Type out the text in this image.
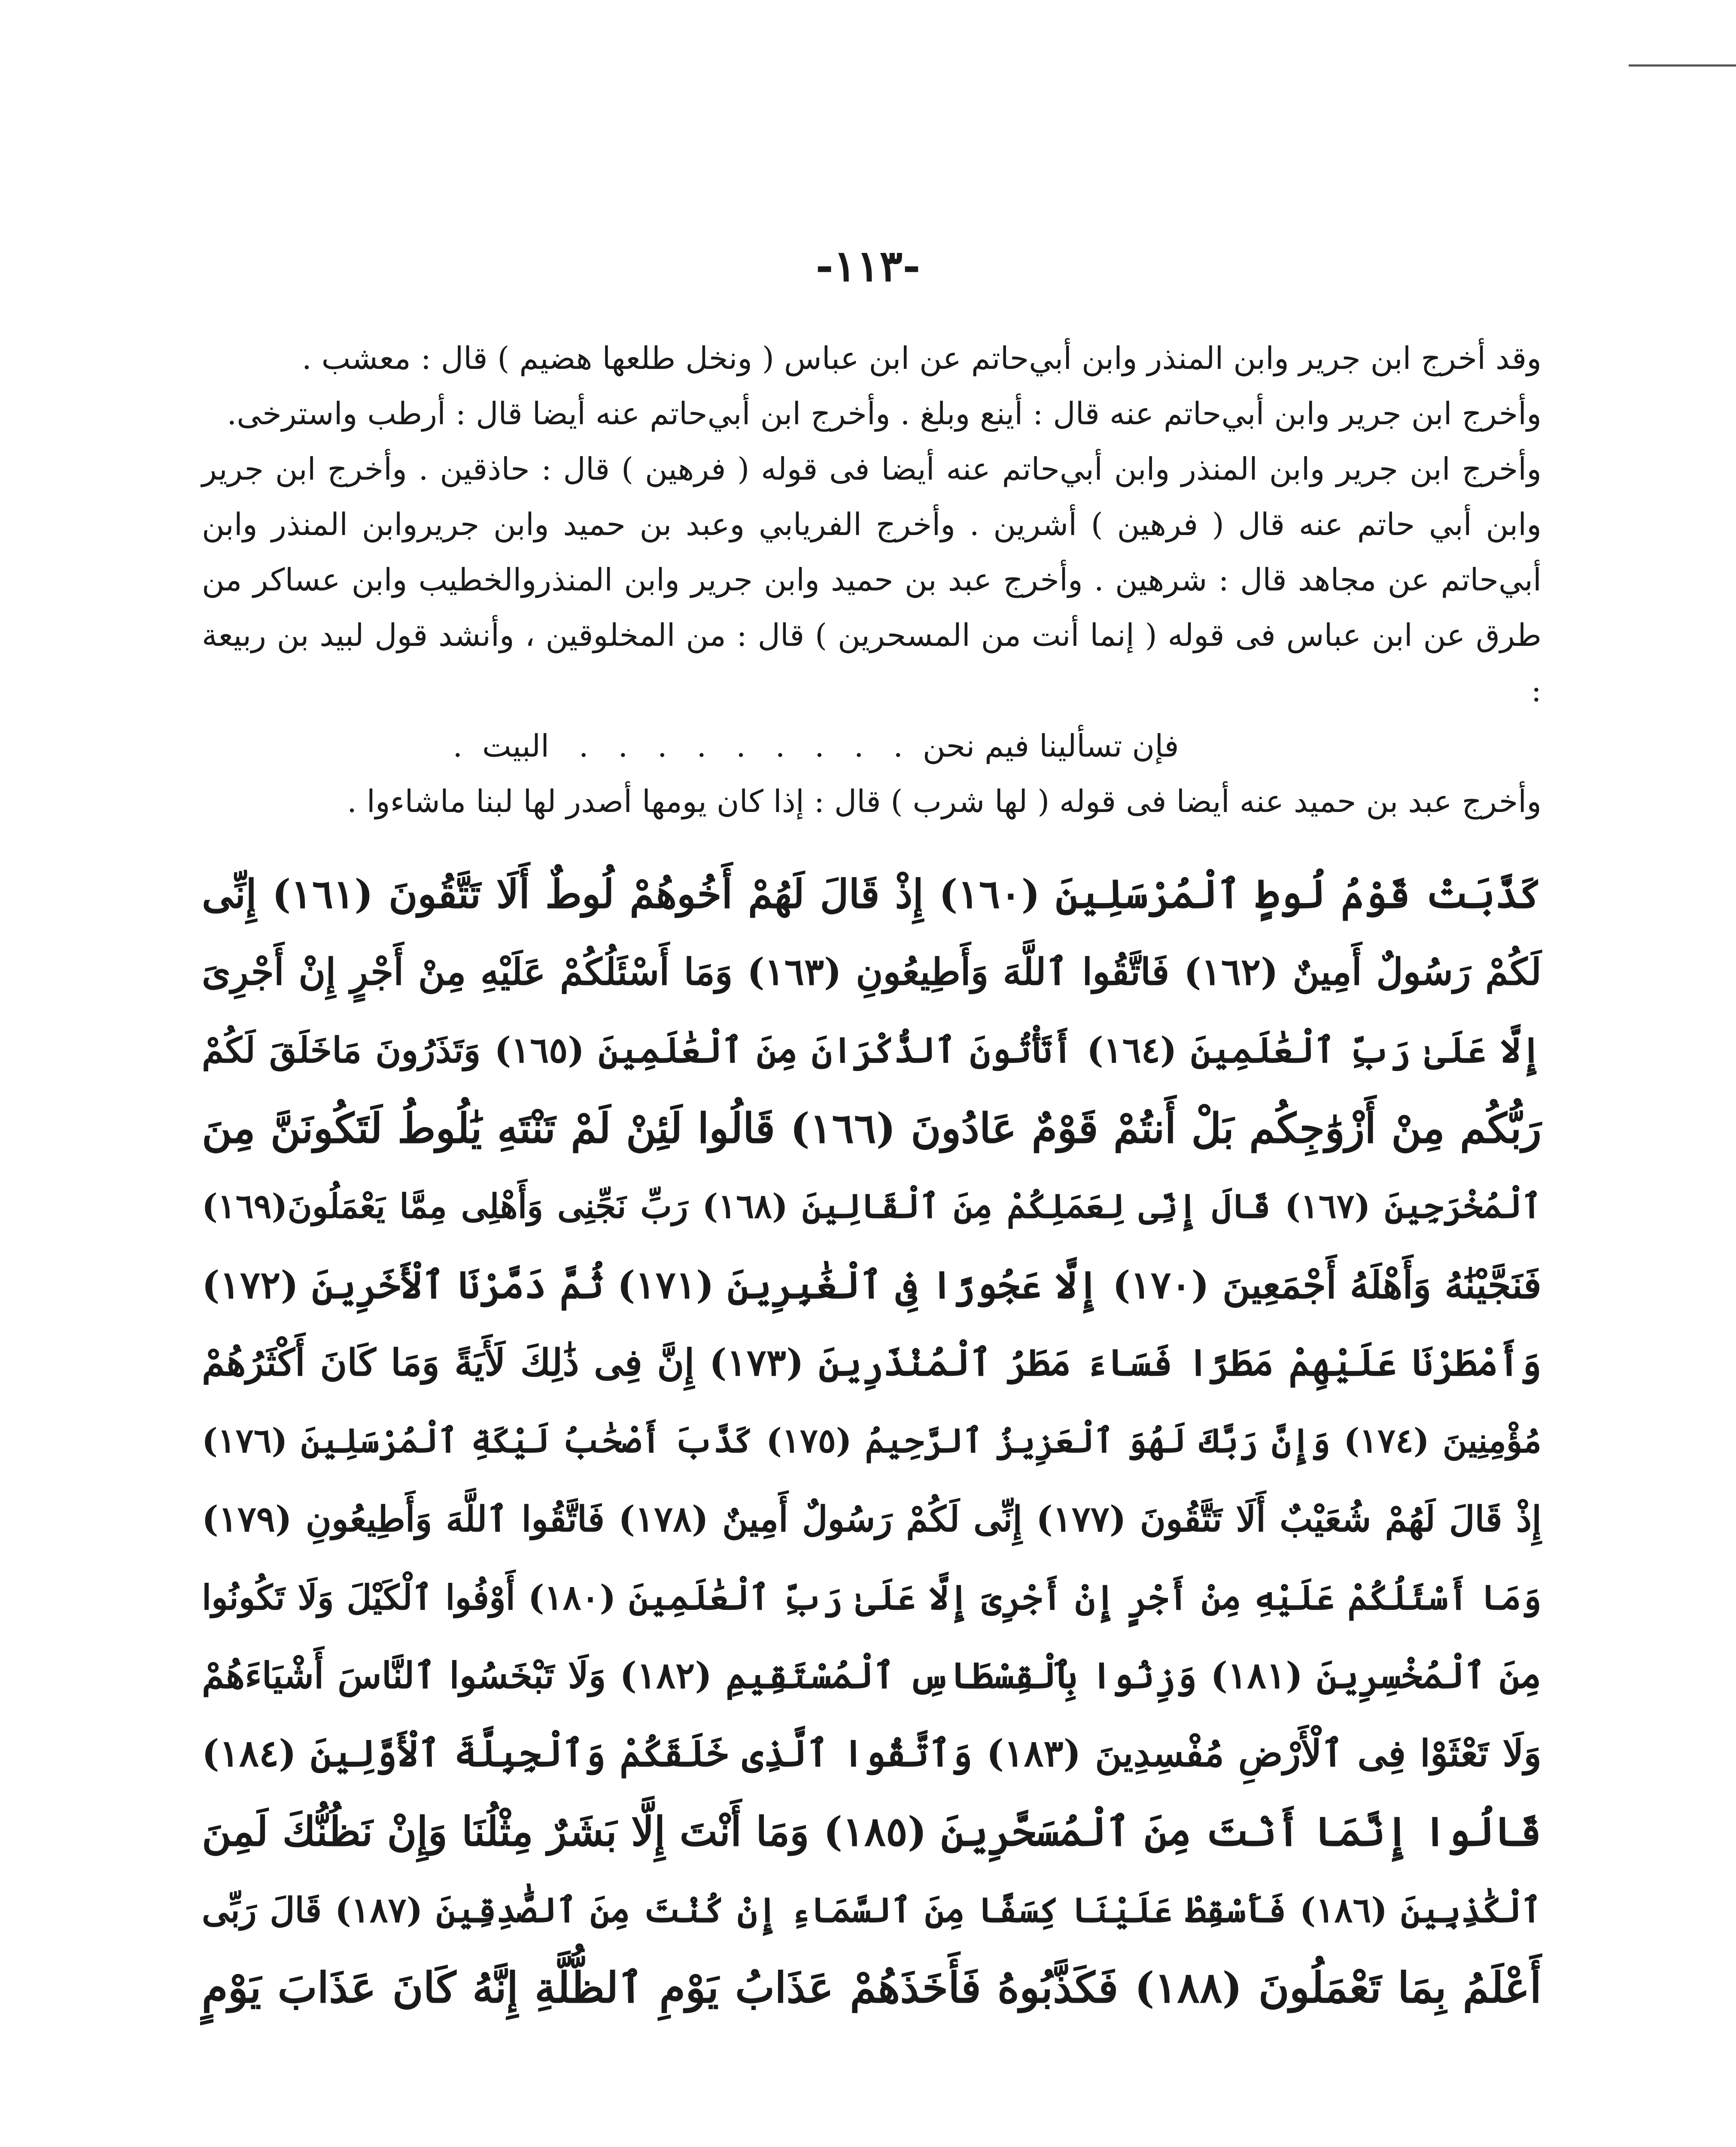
-١١٣-

وقد أخرج ابن جرير وابن المنذر وابن أبي‌حاتم عن ابن عباس ( ونخل طلعها هضيم ) قال : معشب .

وأخرج ابن جرير وابن أبي‌حاتم عنه قال : أينع وبلغ . وأخرج ابن أبي‌حاتم عنه أيضا قال : أرطب واسترخى.

وأخرج ابن جرير وابن المنذر وابن أبي‌حاتم عنه أيضا فى قوله ( فرهين ) قال : حاذقين . وأخرج ابن جرير وابن أبي حاتم عنه قال ( فرهين ) أشرين . وأخرج الفريابي وعبد بن حميد وابن جريروابن المنذر وابن أبي‌حاتم عن مجاهد قال : شرهين . وأخرج عبد بن حميد وابن جرير وابن المنذروالخطيب وابن عساكر من طرق عن ابن عباس فى قوله ( إنما أنت من المسحرين ) قال : من المخلوقين ، وأنشد قول لبيد بن ربيعة :

فإن تسألينا فيم نحن  .   .   .   .   .   .   .   .   .   البيت  .

وأخرج عبد بن حميد عنه أيضا فى قوله ( لها شرب ) قال : إذا كان يومها أصدر لها لبنا ماشاءوا .

كَذَّبَتْ قَوْمُ لُوطٍ ٱلْمُرْسَلِينَ (١٦٠) إِذْ قَالَ لَهُمْ أَخُوهُمْ لُوطٌ أَلَا تَتَّقُونَ (١٦١) إِنِّى

لَكُمْ رَسُولٌ أَمِينٌ (١٦٢) فَاتَّقُوا ٱللَّهَ وَأَطِيعُونِ (١٦٣) وَمَا أَسْئَلُكُمْ عَلَيْهِ مِنْ أَجْرٍ إِنْ أَجْرِىَ

إِلَّا عَلَىٰ رَبِّ ٱلْعَٰلَمِينَ (١٦٤) أَتَأْتُونَ ٱلذُّكْرَانَ مِنَ ٱلْعَٰلَمِينَ (١٦٥) وَتَذَرُونَ مَاخَلَقَ لَكُمْ

رَبُّكُم مِنْ أَزْوَٰجِكُم بَلْ أَنتُمْ قَوْمٌ عَادُونَ (١٦٦) قَالُوا لَئِنْ لَمْ تَنْتَهِ يَٰلُوطُ لَتَكُونَنَّ مِنَ

ٱلْمُخْرَجِينَ (١٦٧) قَالَ إِنِّى لِعَمَلِكُمْ مِنَ ٱلْقَالِينَ (١٦٨) رَبِّ نَجِّنِى وَأَهْلِى مِمَّا يَعْمَلُونَ(١٦٩)

فَنَجَّيْنَٰهُ وَأَهْلَهُ أَجْمَعِينَ (١٧٠) إِلَّا عَجُوزًا فِى ٱلْغَٰبِرِينَ (١٧١) ثُمَّ دَمَّرْنَا ٱلْأَخَرِينَ (١٧٢)

وَأَمْطَرْنَا عَلَيْهِمْ مَطَرًا فَسَاءَ مَطَرُ ٱلْمُنْذَرِينَ (١٧٣) إِنَّ فِى ذَٰلِكَ لَأَيَةً وَمَا كَانَ أَكْثَرُهُمْ

مُؤْمِنِينَ (١٧٤) وَإِنَّ رَبَّكَ لَهُوَ ٱلْعَزِيزُ ٱلرَّحِيمُ (١٧٥) كَذَّبَ أَصْحَٰبُ لَيْكَةِ ٱلْمُرْسَلِينَ (١٧٦)

إِذْ قَالَ لَهُمْ شُعَيْبٌ أَلَا تَتَّقُونَ (١٧٧) إِنِّى لَكُمْ رَسُولٌ أَمِينٌ (١٧٨) فَاتَّقُوا ٱللَّهَ وَأَطِيعُونِ (١٧٩)

وَمَا أَسْئَلُكُمْ عَلَيْهِ مِنْ أَجْرٍ إِنْ أَجْرِىَ إِلَّا عَلَىٰ رَبِّ ٱلْعَٰلَمِينَ (١٨٠) أَوْفُوا ٱلْكَيْلَ وَلَا تَكُونُوا

مِنَ ٱلْمُخْسِرِينَ (١٨١) وَزِنُوا بِٱلْقِسْطَاسِ ٱلْمُسْتَقِيمِ (١٨٢) وَلَا تَبْخَسُوا ٱلنَّاسَ أَشْيَاءَهُمْ

وَلَا تَعْثَوْا فِى ٱلْأَرْضِ مُفْسِدِينَ (١٨٣) وَٱتَّقُوا ٱلَّذِى خَلَقَكُمْ وَٱلْجِبِلَّةَ ٱلْأَوَّلِينَ (١٨٤)

قَالُوا إِنَّمَا أَنْتَ مِنَ ٱلْمُسَحَّرِينَ (١٨٥) وَمَا أَنْتَ إِلَّا بَشَرٌ مِثْلُنَا وَإِنْ نَظُنُّكَ لَمِنَ

ٱلْكَٰذِبِينَ (١٨٦) فَأَسْقِطْ عَلَيْنَا كِسَفًا مِنَ ٱلسَّمَاءِ إِنْ كُنْتَ مِنَ ٱلصَّٰدِقِينَ (١٨٧) قَالَ رَبِّى

أَعْلَمُ بِمَا تَعْمَلُونَ (١٨٨) فَكَذَّبُوهُ فَأَخَذَهُمْ عَذَابُ يَوْمِ ٱلظُّلَّةِ إِنَّهُ كَانَ عَذَابَ يَوْمٍ
